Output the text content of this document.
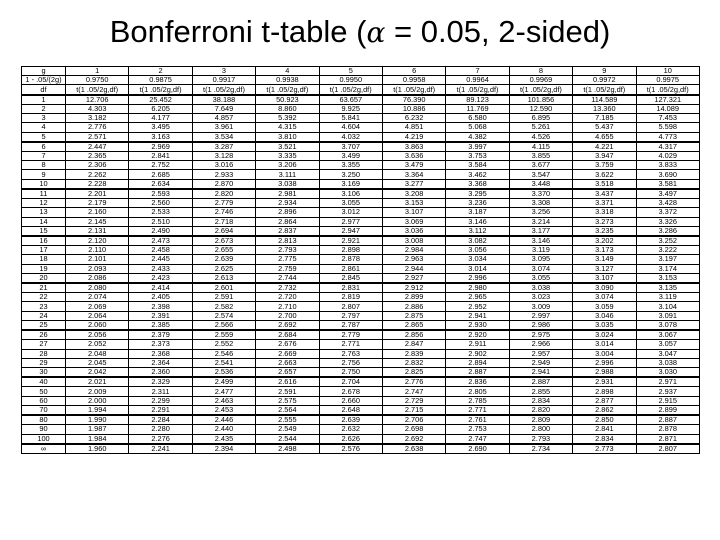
Bonferroni t-table (α = 0.05, 2-sided)
g	1	2	3	4	5	6	7	8	9	10
1 - .05/(2g)	0.9750	0.9875	0.9917	0.9938	0.9950	0.9958	0.9964	0.9969	0.9972	0.9975
df	t(1 .05/2g,df)	t(1 .05/2g,df)	t(1 .05/2g,df)	t(1 .05/2g,df)	t(1 .05/2g,df)	t(1 .05/2g,df)	t(1 .05/2g,df)	t(1 .05/2g,df)	t(1 .05/2g,df)	t(1 .05/2g,df)
1	12.706	25.452	38.188	50.923	63.657	76.390	89.123	101.856	114.589	127.321
2	4.303	6.205	7.649	8.860	9.925	10.886	11.769	12.590	13.360	14.089
3	3.182	4.177	4.857	5.392	5.841	6.232	6.580	6.895	7.185	7.453
4	2.776	3.495	3.961	4.315	4.604	4.851	5.068	5.261	5.437	5.598
5	2.571	3.163	3.534	3.810	4.032	4.219	4.382	4.526	4.655	4.773
6	2.447	2.969	3.287	3.521	3.707	3.863	3.997	4.115	4.221	4.317
7	2.365	2.841	3.128	3.335	3.499	3.636	3.753	3.855	3.947	4.029
8	2.306	2.752	3.016	3.206	3.355	3.479	3.584	3.677	3.759	3.833
9	2.262	2.685	2.933	3.111	3.250	3.364	3.462	3.547	3.622	3.690
10	2.228	2.634	2.870	3.038	3.169	3.277	3.368	3.448	3.518	3.581
11	2.201	2.593	2.820	2.981	3.106	3.208	3.295	3.370	3.437	3.497
12	2.179	2.560	2.779	2.934	3.055	3.153	3.236	3.308	3.371	3.428
13	2.160	2.533	2.746	2.896	3.012	3.107	3.187	3.256	3.318	3.372
14	2.145	2.510	2.718	2.864	2.977	3.069	3.146	3.214	3.273	3.326
15	2.131	2.490	2.694	2.837	2.947	3.036	3.112	3.177	3.235	3.286
16	2.120	2.473	2.673	2.813	2.921	3.008	3.082	3.146	3.202	3.252
17	2.110	2.458	2.655	2.793	2.898	2.984	3.056	3.119	3.173	3.222
18	2.101	2.445	2.639	2.775	2.878	2.963	3.034	3.095	3.149	3.197
19	2.093	2.433	2.625	2.759	2.861	2.944	3.014	3.074	3.127	3.174
20	2.086	2.423	2.613	2.744	2.845	2.927	2.996	3.055	3.107	3.153
21	2.080	2.414	2.601	2.732	2.831	2.912	2.980	3.038	3.090	3.135
22	2.074	2.405	2.591	2.720	2.819	2.899	2.965	3.023	3.074	3.119
23	2.069	2.398	2.582	2.710	2.807	2.886	2.952	3.009	3.059	3.104
24	2.064	2.391	2.574	2.700	2.797	2.875	2.941	2.997	3.046	3.091
25	2.060	2.385	2.566	2.692	2.787	2.865	2.930	2.986	3.035	3.078
26	2.056	2.379	2.559	2.684	2.779	2.856	2.920	2.975	3.024	3.067
27	2.052	2.373	2.552	2.676	2.771	2.847	2.911	2.966	3.014	3.057
28	2.048	2.368	2.546	2.669	2.763	2.839	2.902	2.957	3.004	3.047
29	2.045	2.364	2.541	2.663	2.756	2.832	2.894	2.949	2.996	3.038
30	2.042	2.360	2.536	2.657	2.750	2.825	2.887	2.941	2.988	3.030
40	2.021	2.329	2.499	2.616	2.704	2.776	2.836	2.887	2.931	2.971
50	2.009	2.311	2.477	2.591	2.678	2.747	2.805	2.855	2.898	2.937
60	2.000	2.299	2.463	2.575	2.660	2.729	2.785	2.834	2.877	2.915
70	1.994	2.291	2.453	2.564	2.648	2.715	2.771	2.820	2.862	2.899
80	1.990	2.284	2.446	2.555	2.639	2.706	2.761	2.809	2.850	2.887
90	1.987	2.280	2.440	2.549	2.632	2.698	2.753	2.800	2.841	2.878
100	1.984	2.276	2.435	2.544	2.626	2.692	2.747	2.793	2.834	2.871
∞	1.960	2.241	2.394	2.498	2.576	2.638	2.690	2.734	2.773	2.807
